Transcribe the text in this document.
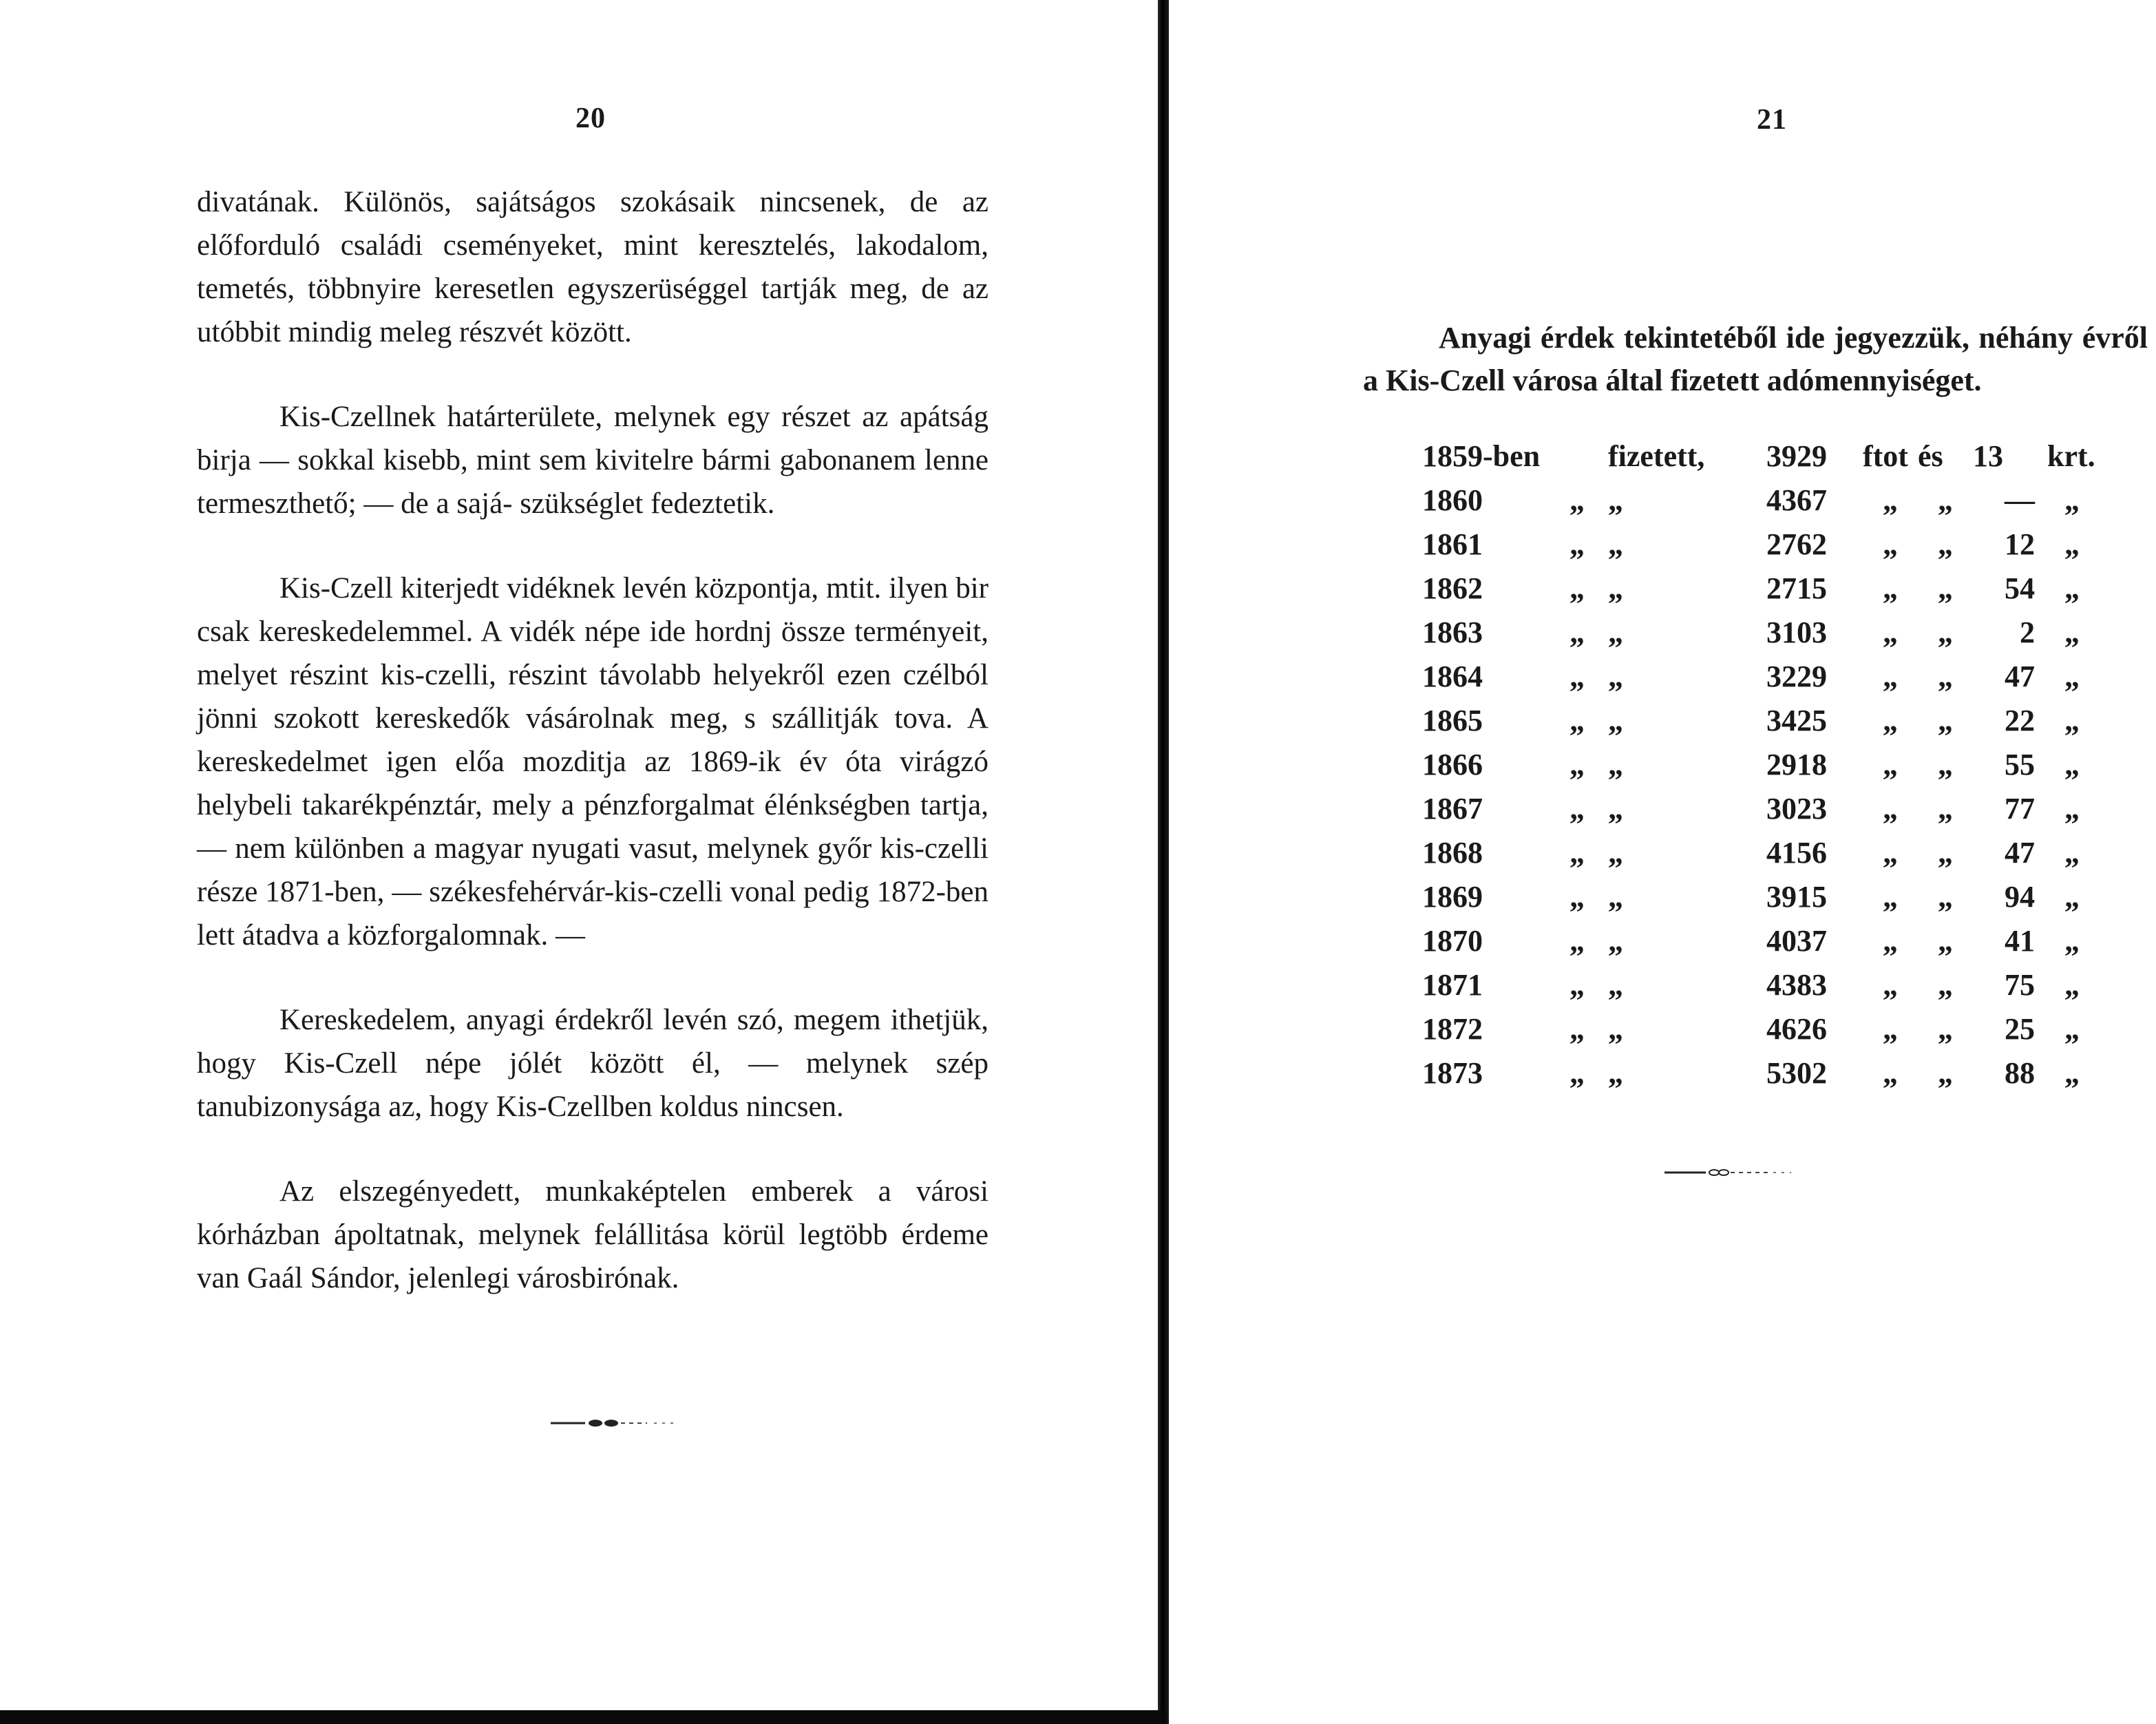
20

divatának. Különös, sajátságos szokásaik nincsenek, de az előforduló családi cseményeket, mint keresztelés, lakodalom, temetés, többnyire keresetlen egyszerüséggel tartják meg, de az utóbbit mindig meleg részvét között.

Kis-Czellnek határterülete, melynek egy részet az apátság birja — sokkal kisebb, mint sem kivitelre bármi gabonanem lenne termeszthető; — de a sajá- szükséglet fedeztetik.

Kis-Czell kiterjedt vidéknek levén központja, mtit. ilyen bir csak kereskedelemmel. A vidék népe ide hordnj össze terményeit, melyet részint kis-czelli, részint távolabb helyekről ezen czélból jönni szokott kereskedők vásárolnak meg, s szállitják tova. A kereskedelmet igen előa mozditja az 1869-ik év óta virágzó helybeli takarékpénztár, mely a pénzforgalmat élénkségben tartja, — nem különben a magyar nyugati vasut, melynek győr kis-czelli része 1871-ben, — székesfehérvár-kis-czelli vonal pedig 1872-ben lett átadva a közforgalomnak. —

Kereskedelem, anyagi érdekről levén szó, megem ithetjük, hogy Kis-Czell népe jólét között él, — melynek szép tanubizonysága az, hogy Kis-Czellben koldus nincsen.

Az elszegényedett, munkaképtelen emberek a városi kórházban ápoltatnak, melynek felállitása körül legtöbb érdeme van Gaál Sándor, jelenlegi városbirónak.

21
Anyagi érdek tekintetéből ide jegyezzük, néhány évről a Kis-Czell városa által fizetett adómennyiséget.
1859-ben		fizetett,	3929	ftot	és	13	krt.
1860	„	„	4367	„	„	—	„
1861	„	„	2762	„	„	12	„
1862	„	„	2715	„	„	54	„
1863	„	„	3103	„	„	2	„
1864	„	„	3229	„	„	47	„
1865	„	„	3425	„	„	22	„
1866	„	„	2918	„	„	55	„
1867	„	„	3023	„	„	77	„
1868	„	„	4156	„	„	47	„
1869	„	„	3915	„	„	94	„
1870	„	„	4037	„	„	41	„
1871	„	„	4383	„	„	75	„
1872	„	„	4626	„	„	25	„
1873	„	„	5302	„	„	88	„
